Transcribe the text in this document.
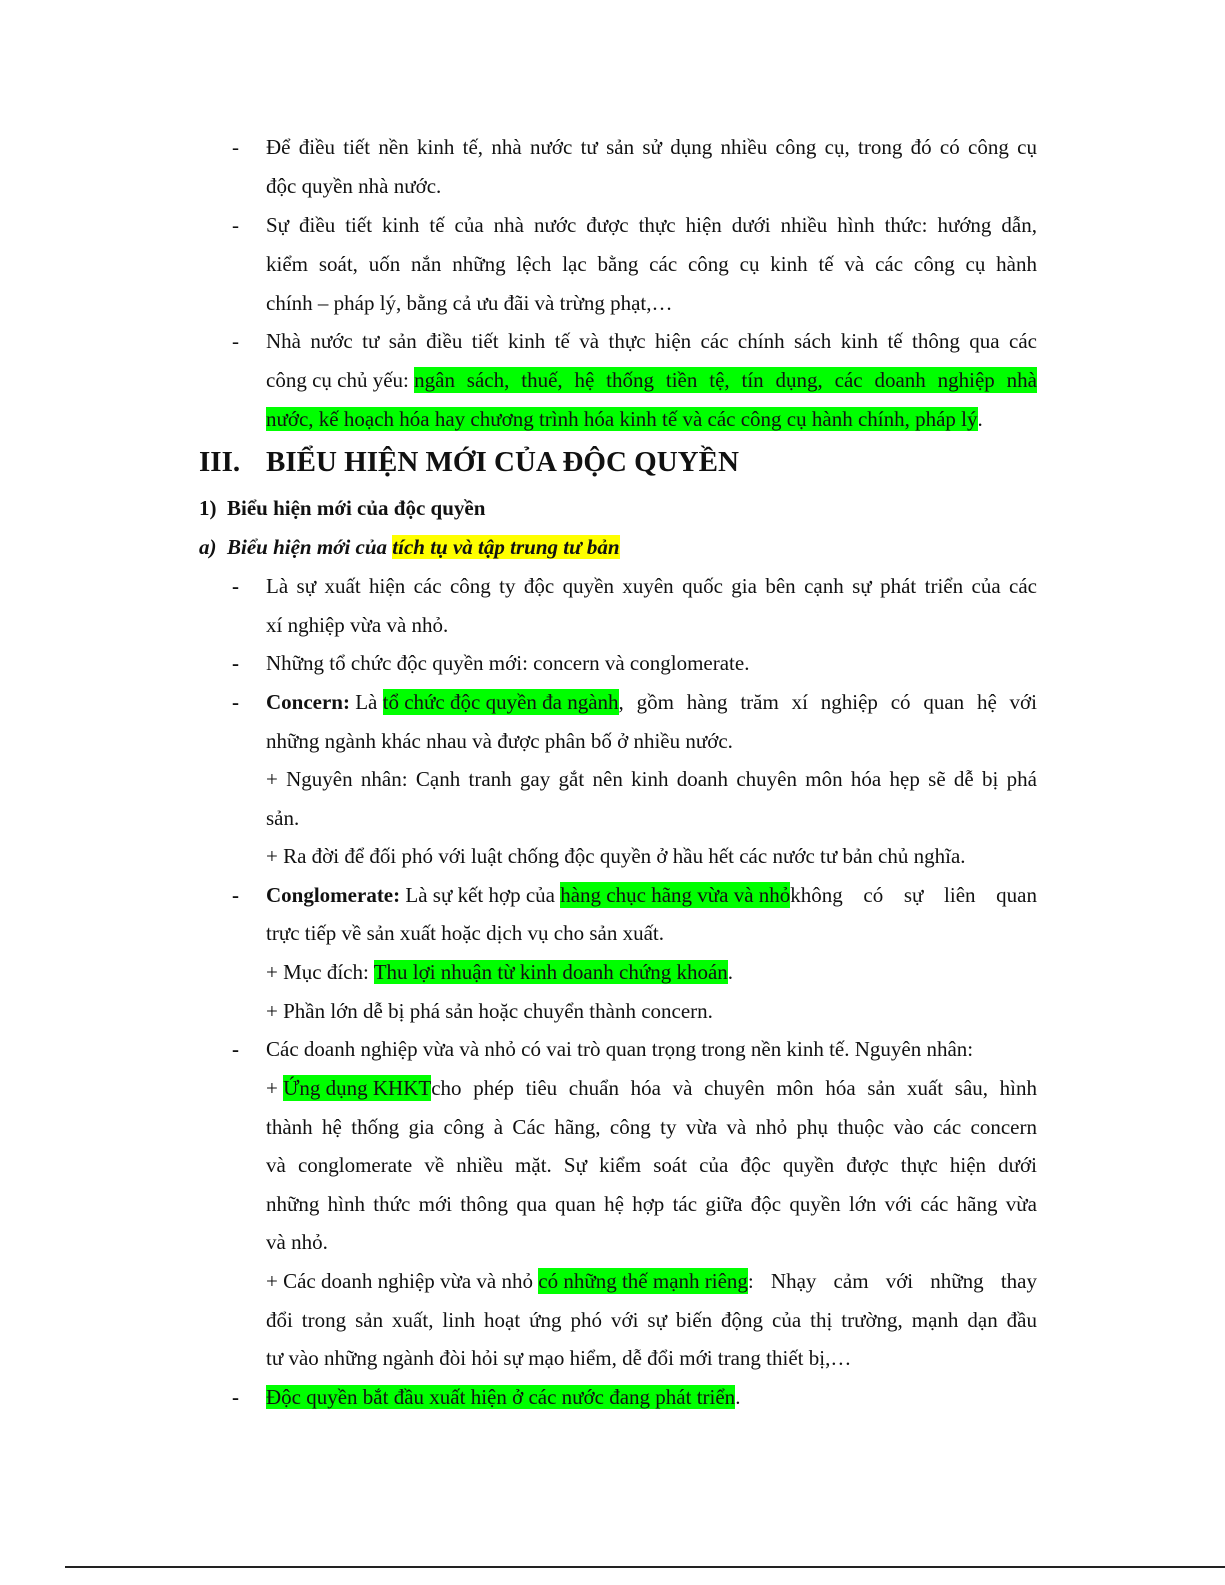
- Để điều tiết nền kinh tế, nhà nước tư sản sử dụng nhiều công cụ, trong đó có công cụ
độc quyền nhà nước.
- Sự điều tiết kinh tế của nhà nước được thực hiện dưới nhiều hình thức: hướng dẫn,
kiểm soát, uốn nắn những lệch lạc bằng các công cụ kinh tế và các công cụ hành
chính – pháp lý, bằng cả ưu đãi và trừng phạt,…
- Nhà nước tư sản điều tiết kinh tế và thực hiện các chính sách kinh tế thông qua các
công cụ chủ yếu: ngân sách, thuế, hệ thống tiền tệ, tín dụng, các doanh nghiệp nhà
nước, kế hoạch hóa hay chương trình hóa kinh tế và các công cụ hành chính, pháp lý.
III. BIỂU HIỆN MỚI CỦA ĐỘC QUYỀN
1)  Biểu hiện mới của độc quyền
a)  Biểu hiện mới của tích tụ và tập trung tư bản
- Là sự xuất hiện các công ty độc quyền xuyên quốc gia bên cạnh sự phát triển của các
xí nghiệp vừa và nhỏ.
- Những tổ chức độc quyền mới: concern và conglomerate.
- Concern: Là tổ chức độc quyền đa ngành , gồm hàng trăm xí nghiệp có quan hệ với
những ngành khác nhau và được phân bố ở nhiều nước.
+ Nguyên nhân: Cạnh tranh gay gắt nên kinh doanh chuyên môn hóa hẹp sẽ dễ bị phá
sản.
+ Ra đời để đối phó với luật chống độc quyền ở hầu hết các nước tư bản chủ nghĩa.
- Conglomerate: Là sự kết hợp của hàng chục hãng vừa và nhỏ không có sự liên quan
trực tiếp về sản xuất hoặc dịch vụ cho sản xuất.
+ Mục đích: Thu lợi nhuận từ kinh doanh chứng khoán.
+ Phần lớn dễ bị phá sản hoặc chuyển thành concern.
- Các doanh nghiệp vừa và nhỏ có vai trò quan trọng trong nền kinh tế. Nguyên nhân:
+ Ứng dụng KHKT cho phép tiêu chuẩn hóa và chuyên môn hóa sản xuất sâu, hình
thành hệ thống gia công à Các hãng, công ty vừa và nhỏ phụ thuộc vào các concern
và conglomerate về nhiều mặt. Sự kiểm soát của độc quyền được thực hiện dưới
những hình thức mới thông qua quan hệ hợp tác giữa độc quyền lớn với các hãng vừa
và nhỏ.
+ Các doanh nghiệp vừa và nhỏ có những thế mạnh riêng : Nhạy cảm với những thay
đổi trong sản xuất, linh hoạt ứng phó với sự biến động của thị trường, mạnh dạn đầu
tư vào những ngành đòi hỏi sự mạo hiểm, dễ đổi mới trang thiết bị,…
- Độc quyền bắt đầu xuất hiện ở các nước đang phát triển.
